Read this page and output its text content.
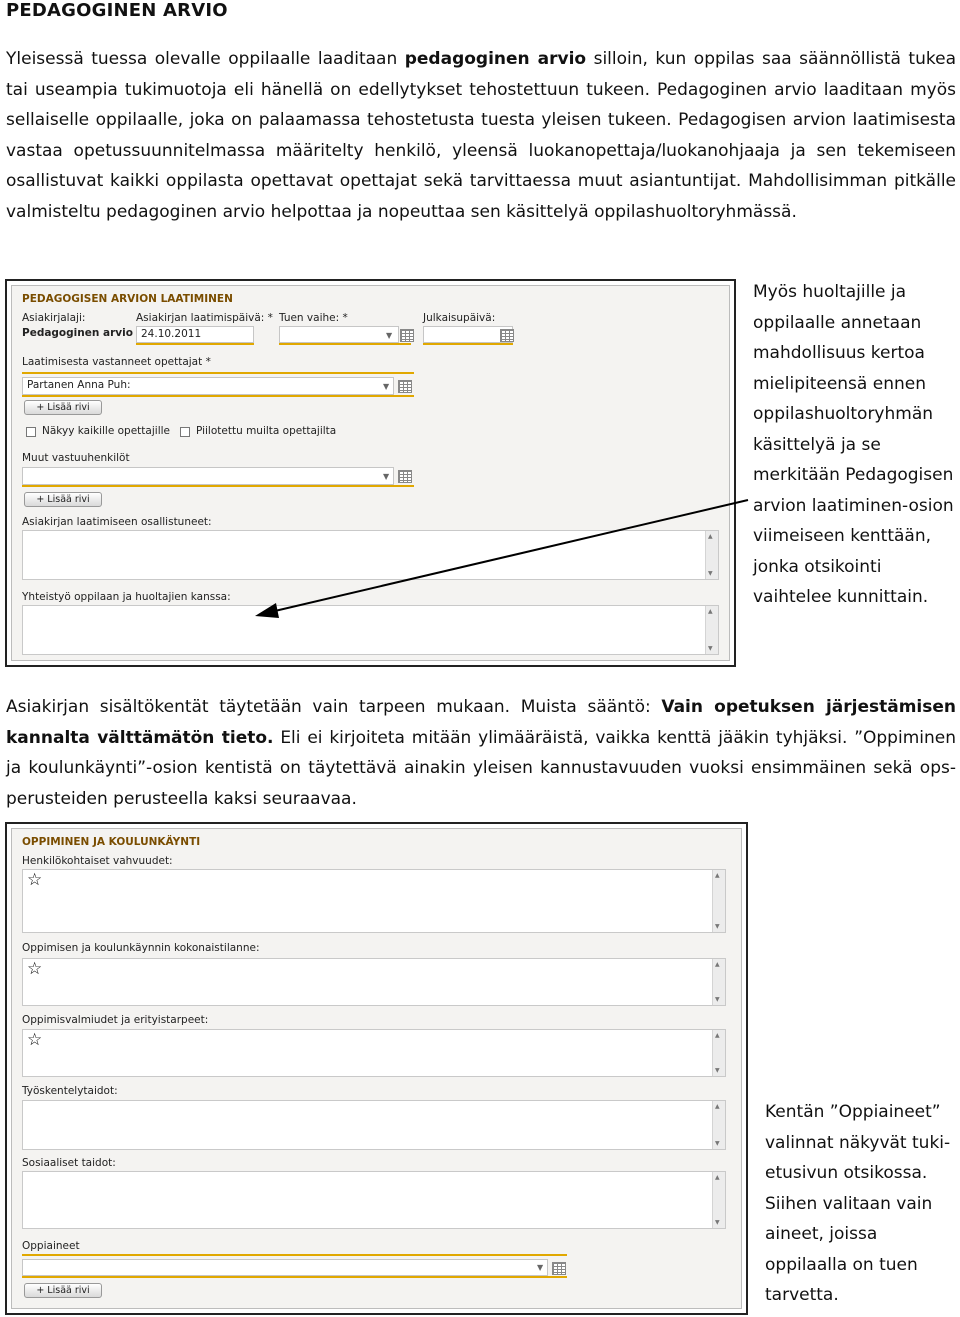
PEDAGOGINEN ARVIO
Yleisessä tuessa olevalle oppilaalle laaditaan pedagoginen arvio silloin, kun oppilas saa säännöllistä tukea tai useampia tukimuotoja eli hänellä on edellytykset tehostettuun tukeen. Pedagoginen arvio laaditaan myös sellaiselle oppilaalle, joka on palaamassa tehostetusta tuesta yleisen tukeen. Pedagogisen arvion laatimisesta vastaa opetussuunnitelmassa määritelty henkilö, yleensä luokanopettaja/luokanohjaaja ja sen tekemiseen osallistuvat kaikki oppilasta opettavat opettajat sekä tarvittaessa muut asiantuntijat. Mahdollisimman pitkälle valmisteltu pedagoginen arvio helpottaa ja nopeuttaa sen käsittelyä oppilashuoltoryhmässä.
PEDAGOGISEN ARVION LAATIMINEN
Asiakirjalaji:
Pedagoginen arvio
Asiakirjan laatimispäivä: *
24.10.2011
Tuen vaihe: *
▼
Julkaisupäivä:
Laatimisesta vastanneet opettajat *
Partanen Anna Puh:	▼
+ Lisää rivi
Näkyy kaikille opettajille Piilotettu muilta opettajilta
Muut vastuuhenkilöt
▼
+ Lisää rivi
Asiakirjan laatimiseen osallistuneet:
▲
▼
Yhteistyö oppilaan ja huoltajien kanssa:
▲
▼
Myös huoltajille ja oppilaalle annetaan mahdollisuus kertoa mielipiteensä ennen oppilashuoltoryhmän käsittelyä ja se merkitään Pedagogisen arvion laatiminen-osion viimeiseen kenttään, jonka otsikointi vaihtelee kunnittain.
Asiakirjan sisältökentät täytetään vain tarpeen mukaan. Muista sääntö: Vain opetuksen järjestämisen kannalta välttämätön tieto. Eli ei kirjoiteta mitään ylimääräistä, vaikka kenttä jääkin tyhjäksi. ”Oppiminen ja koulunkäynti”-osion kentistä on täytettävä ainakin yleisen kannustavuuden vuoksi ensimmäinen sekä ops-perusteiden perusteella kaksi seuraavaa.
OPPIMINEN JA KOULUNKÄYNTI
Henkilökohtaiset vahvuudet:
☆	▲
▼
Oppimisen ja koulunkäynnin kokonaistilanne:
☆	▲
▼
Oppimisvalmiudet ja erityistarpeet:
☆	▲
▼
Työskentelytaidot:
▲
▼
Sosiaaliset taidot:
▲
▼
Oppiaineet
▼
+ Lisää rivi
Kentän ”Oppiaineet” valinnat näkyvät tuki-etusivun otsikossa. Siihen valitaan vain aineet, joissa oppilaalla on tuen tarvetta.
